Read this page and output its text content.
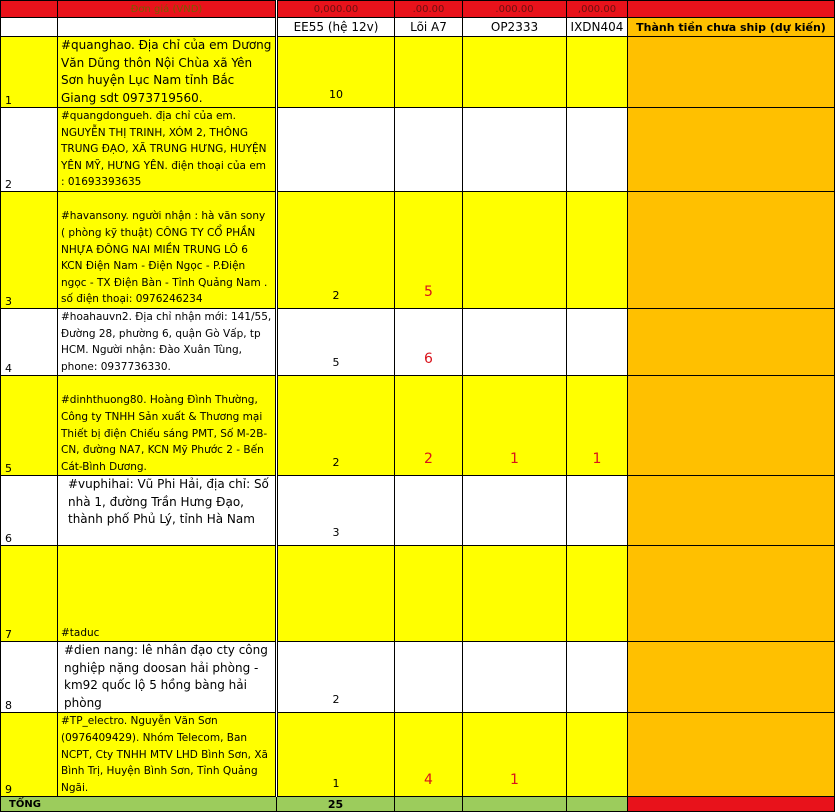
	Đơn giá (VND)	0,000.00	.00.00	.000.00	,000.00	
		EE55 (hệ 12v)	Lõi A7	OP2333	IXDN404	Thành tiền chưa ship (dự kiến)
1	#quanghao. Địa chỉ của em Dương Văn Dũng thôn Nội Chùa xã Yên Sơn huyện Lục Nam tỉnh Bắc Giang sdt 0973719560.	10				
2	#quangdongueh. địa chỉ của em. NGUYỄN THỊ TRINH, XÓM 2, THÔNG TRUNG ĐẠO, XÃ TRUNG HƯNG, HUYỆN YÊN MỸ, HƯNG YÊN. điện thoại của em : 01693393635					
3	#havansony. người nhận : hà văn sony ( phòng kỹ thuật) CÔNG TY CỔ PHẦN NHỰA ĐÔNG NAI MIỀN TRUNG LÔ 6 KCN Điện Nam - Điện Ngọc - P.Điện ngọc - TX Điện Bàn - Tỉnh Quảng Nam . số điện thoại: 0976246234	2	5			
4	#hoahauvn2. Địa chỉ nhận mới: 141/55, Đường 28, phường 6, quận Gò Vấp, tp HCM. Người nhận: Đào Xuân Tùng, phone: 0937736330.	5	6			
5	#dinhthuong80. Hoàng Đình Thường, Công ty TNHH Sản xuất & Thương mại Thiết bị điện Chiếu sáng PMT, Số M-2B-CN, đường NA7, KCN Mỹ Phước 2 - Bến Cát-Bình Dương.	2	2	1	1	
6	#vuphihai: Vũ Phi Hải, địa chỉ: Số nhà 1, đường Trần Hưng Đạo, thành phố Phủ Lý, tỉnh Hà Nam	3				
7	#taduc					
8	#dien nang: lê nhân đạo cty công nghiệp nặng doosan hải phòng - km92 quốc lộ 5 hồng bàng hải phòng	2				
9	#TP_electro. Nguyễn Văn Sơn (0976409429). Nhóm Telecom, Ban NCPT, Cty TNHH MTV LHD Bình Sơn, Xã Bình Trị, Huyện Bình Sơn, Tỉnh Quảng Ngãi.	1	4	1		
TỔNG		25				
